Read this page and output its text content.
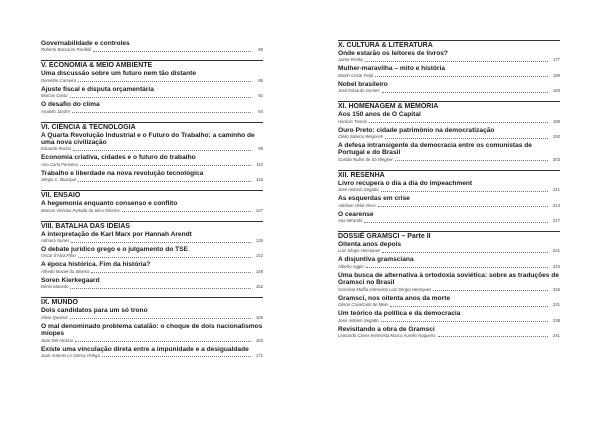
Governabilidade e controles
Roberto Baccarini Pacifelli	80
V. ECONOMIA & MEIO AMBIENTE
Uma discussão sobre um futuro nem tão distante
Demétrio Carneiro	85
Ajuste fiscal e disputa orçamentária
Marcos Costa	92
O desafio do clima
Arnaldo Jardim	94
VI. CIÊNCIA & TECNOLOGIA
A Quarta Revolução Industrial e o Futuro do Trabalho: a caminho de uma nova civilização
Eduardo Rocha	99
Economia criativa, cidades e o futuro do trabalho
Ana Carla Fonseca	110
Trabalho e liberdade na nova revolução tecnológica
Sérgio C. Buarque	116
VII. ENSAIO
A hegemonia enquanto consenso e conflito
Marcus Vinícius Furtado da Silva Oliveira	127
VIII. BATALHA DAS IDEIAS
A interpretação de Karl Marx por Hannah Arendt
Adriana Nunes	135
O debate jurídico grego e o julgamento do TSE
Oscar d'Alva Filho	142
A época histórica. Fim da história?
Alfredo Maciel da Silveira	148
Soren Kierkegaard
Dênis Macedo	152
IX. MUNDO
Dois candidatos para um só trono
Silvio Queiroz	159
O mal denominado problema catalão: o choque de dois nacionalismos míopes
Joan Del Alcázar	163
Existe uma vinculação direta entre a impunidade e a desigualdade
Juan Antonio Le Clercq Ortega	171
X. CULTURA & LITERATURA
Onde estarão os leitores de livros?
Jaime Pinsky	177
Mulher-maravilha – mito e história
Martin Cezar Feijó	180
Nobel brasileiro
José Eduardo Gomes	183
XI. HOMENAGEM & MEMÓRIA
Aos 150 anos de O Capital
Horácio Tarnus	189
Ouro Preto: cidade patrimônio na democratização
Clélio Salvina Wegneck	192
A defesa intransigente da democracia entre os comunistas de Portugal e do Brasil
Gastão Rubin de Sá Wegner	203
XII. RESENHA
Livro recupera o dia a dia do impeachment
José Antonio Segatto	211
As esquerdas em crise
Adelson Vidal Alves	213
O cearense
Ana Miranda	217
DOSSIÊ GRAMSCI – Parte II
Oitenta anos depois
Luiz Sérgio Henriques	221
A disjuntiva gramsciana
Alberto Aggio	223
Uma busca de alternativa à ortodoxia soviética: sobre as traduções de Gramsci no Brasil
Gervásio Maffia entrevista Luiz Sérgio Henriques	226
Gramsci, nos oitenta anos da morte
Gilson Cavalcanti de Melo	231
Um teórico da política e da democracia
José Antonio Segatto	238
Revisitando a obra de Gramsci
Leonardo Cases entrevista Marco Aurélio Nogueira	241
